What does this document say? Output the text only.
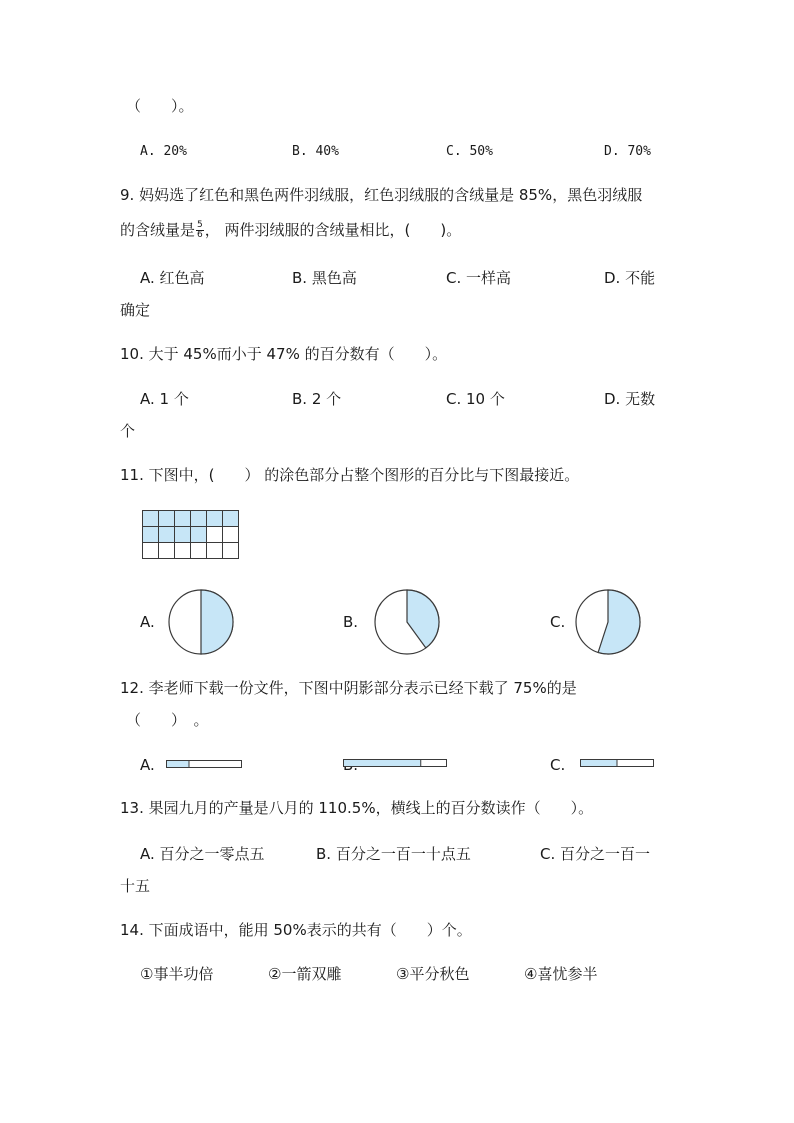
（　　）。
A. 20%	B. 40%	C. 50%	D. 70%
9. 妈妈选了红色和黑色两件羽绒服，红色羽绒服的含绒量是 85%，黑色羽绒服
的含绒量是 $\frac{5}{6}$ ， 两件羽绒服的含绒量相比，(　　)。
A. 红色高	B. 黑色高	C. 一样高	D. 不能
确定
10. 大于 45%而小于 47% 的百分数有（　　）。
A. 1 个	B. 2 个	C. 10 个	D. 无数
个
11. 下图中，(　　） 的涂色部分占整个图形的百分比与下图最接近。
A.	B.	C.
12. 李老师下载一份文件，下图中阴影部分表示已经下载了 75%的是
（　　）　。
A.	C.
13. 果园九月的产量是八月的 110.5%，横线上的百分数读作（　　）。
A. 百分之一零点五	B. 百分之一百一十点五	C. 百分之一百一
十五
14. 下面成语中，能用 50%表示的共有（　　）个。
①事半功倍	②一箭双雕	③平分秋色	④喜忧参半
